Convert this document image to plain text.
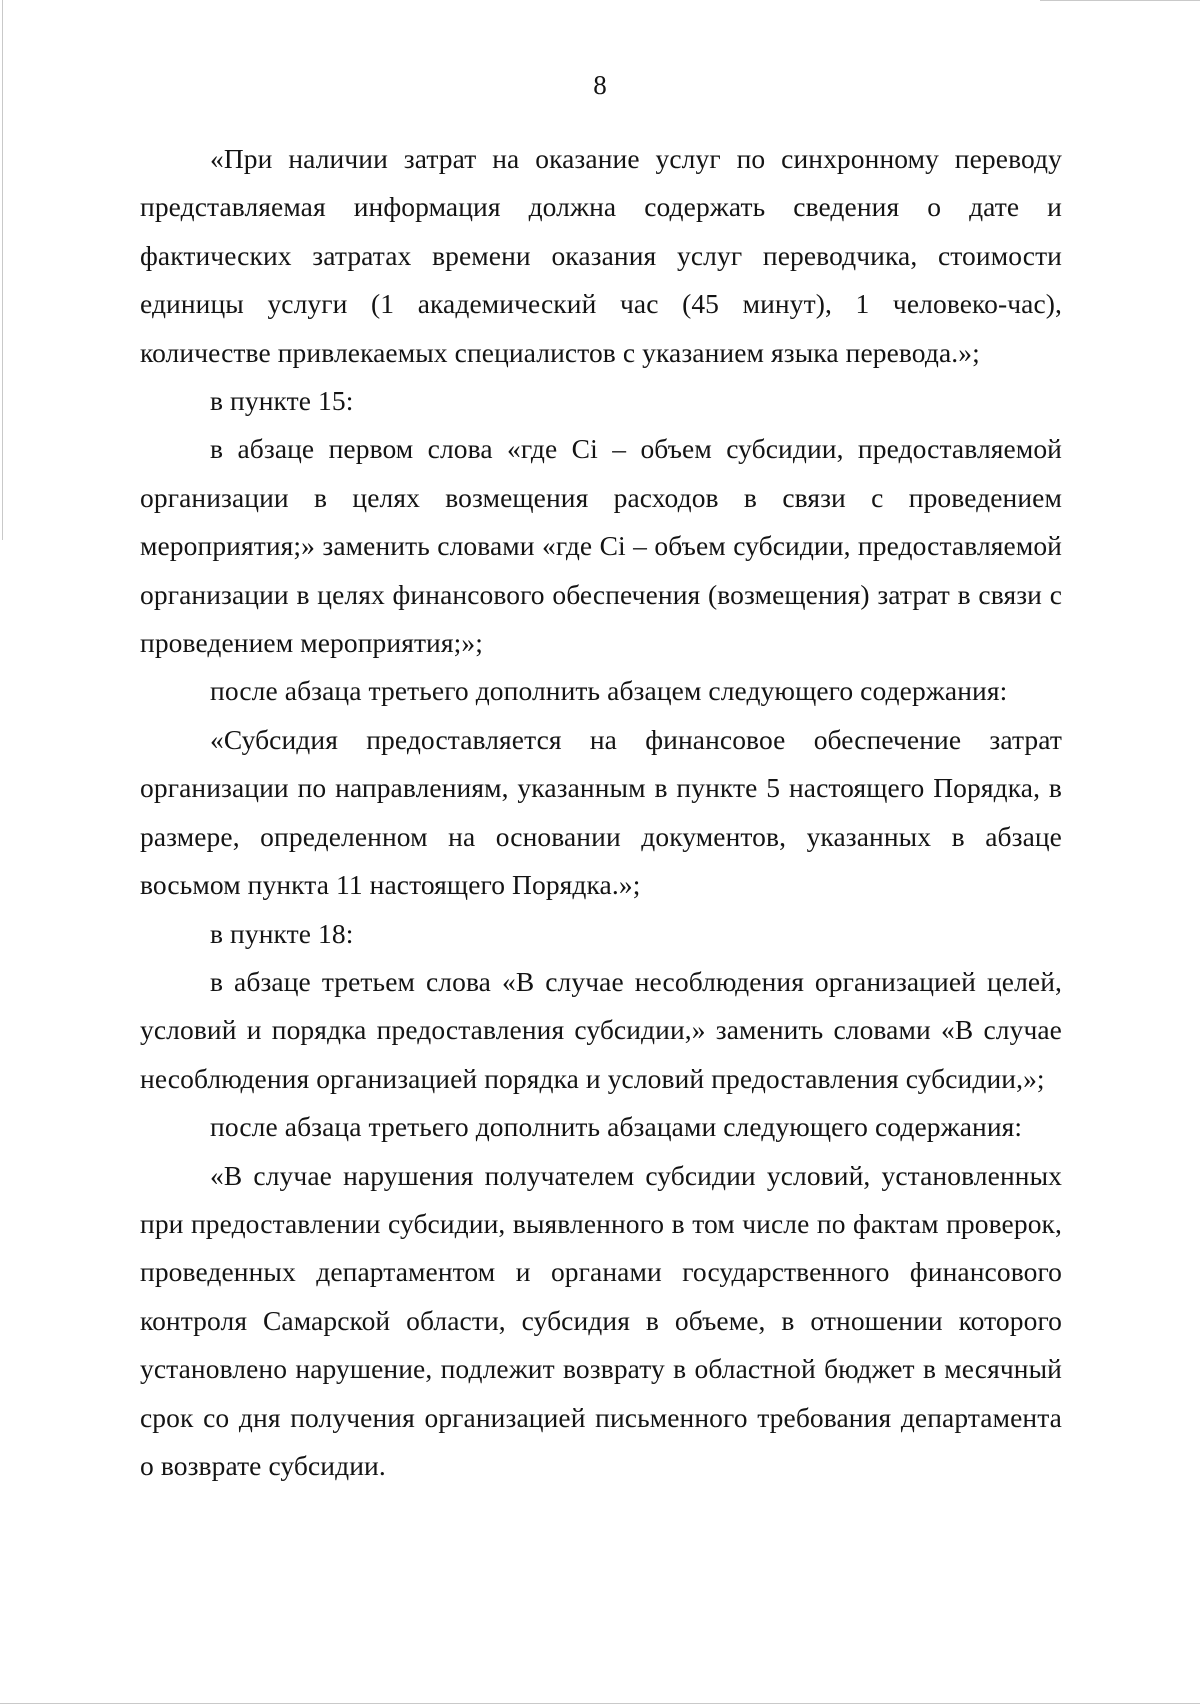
8

«При наличии затрат на оказание услуг по синхронному переводу представляемая информация должна содержать сведения о дате и фактических затратах времени оказания услуг переводчика, стоимости единицы услуги (1 академический час (45 минут), 1 человеко-час), количестве привлекаемых специалистов с указанием языка перевода.»;

в пункте 15:

в абзаце первом слова «где Ci – объем субсидии, предоставляемой организации в целях возмещения расходов в связи с проведением мероприятия;» заменить словами «где Ci – объем субсидии, предоставляемой организации в целях финансового обеспечения (возмещения) затрат в связи с проведением мероприятия;»;

после абзаца третьего дополнить абзацем следующего содержания:

«Субсидия предоставляется на финансовое обеспечение затрат организации по направлениям, указанным в пункте 5 настоящего Порядка, в размере, определенном на основании документов, указанных в абзаце восьмом пункта 11 настоящего Порядка.»;

в пункте 18:

в абзаце третьем слова «В случае несоблюдения организацией целей, условий и порядка предоставления субсидии,» заменить словами «В случае несоблюдения организацией порядка и условий предоставления субсидии,»;

после абзаца третьего дополнить абзацами следующего содержания:

«В случае нарушения получателем субсидии условий, установленных при предоставлении субсидии, выявленного в том числе по фактам проверок, проведенных департаментом и органами государственного финансового контроля Самарской области, субсидия в объеме, в отношении которого установлено нарушение, подлежит возврату в областной бюджет в месячный срок со дня получения организацией письменного требования департамента о возврате субсидии.
